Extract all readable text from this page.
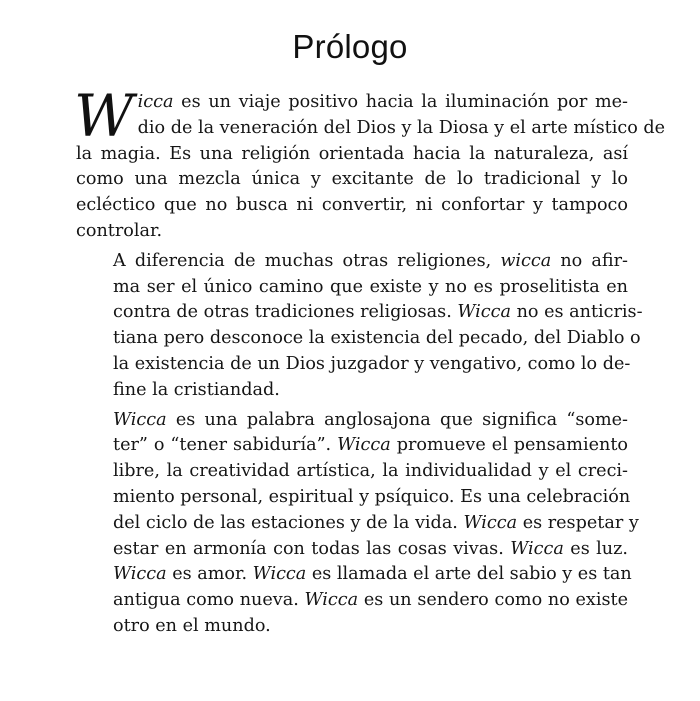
Prólogo
W icca es un viaje positivo hacia la iluminación por me-
dio de la veneración del Dios y la Diosa y el arte místico de
la magia. Es una religión orientada hacia la naturaleza, así
como una mezcla única y excitante de lo tradicional y lo
ecléctico que no busca ni convertir, ni confortar y tampoco
controlar.
A diferencia de muchas otras religiones, wicca no afir-
ma ser el único camino que existe y no es proselitista en
contra de otras tradiciones religiosas. Wicca no es anticris-
tiana pero desconoce la existencia del pecado, del Diablo o
la existencia de un Dios juzgador y vengativo, como lo de-
fine la cristiandad.
Wicca es una palabra anglosajona que significa “some-
ter” o “tener sabiduría”. Wicca promueve el pensamiento
libre, la creatividad artística, la individualidad y el creci-
miento personal, espiritual y psíquico. Es una celebración
del ciclo de las estaciones y de la vida. Wicca es respetar y
estar en armonía con todas las cosas vivas. Wicca es luz.
Wicca es amor. Wicca es llamada el arte del sabio y es tan
antigua como nueva. Wicca es un sendero como no existe
otro en el mundo.
